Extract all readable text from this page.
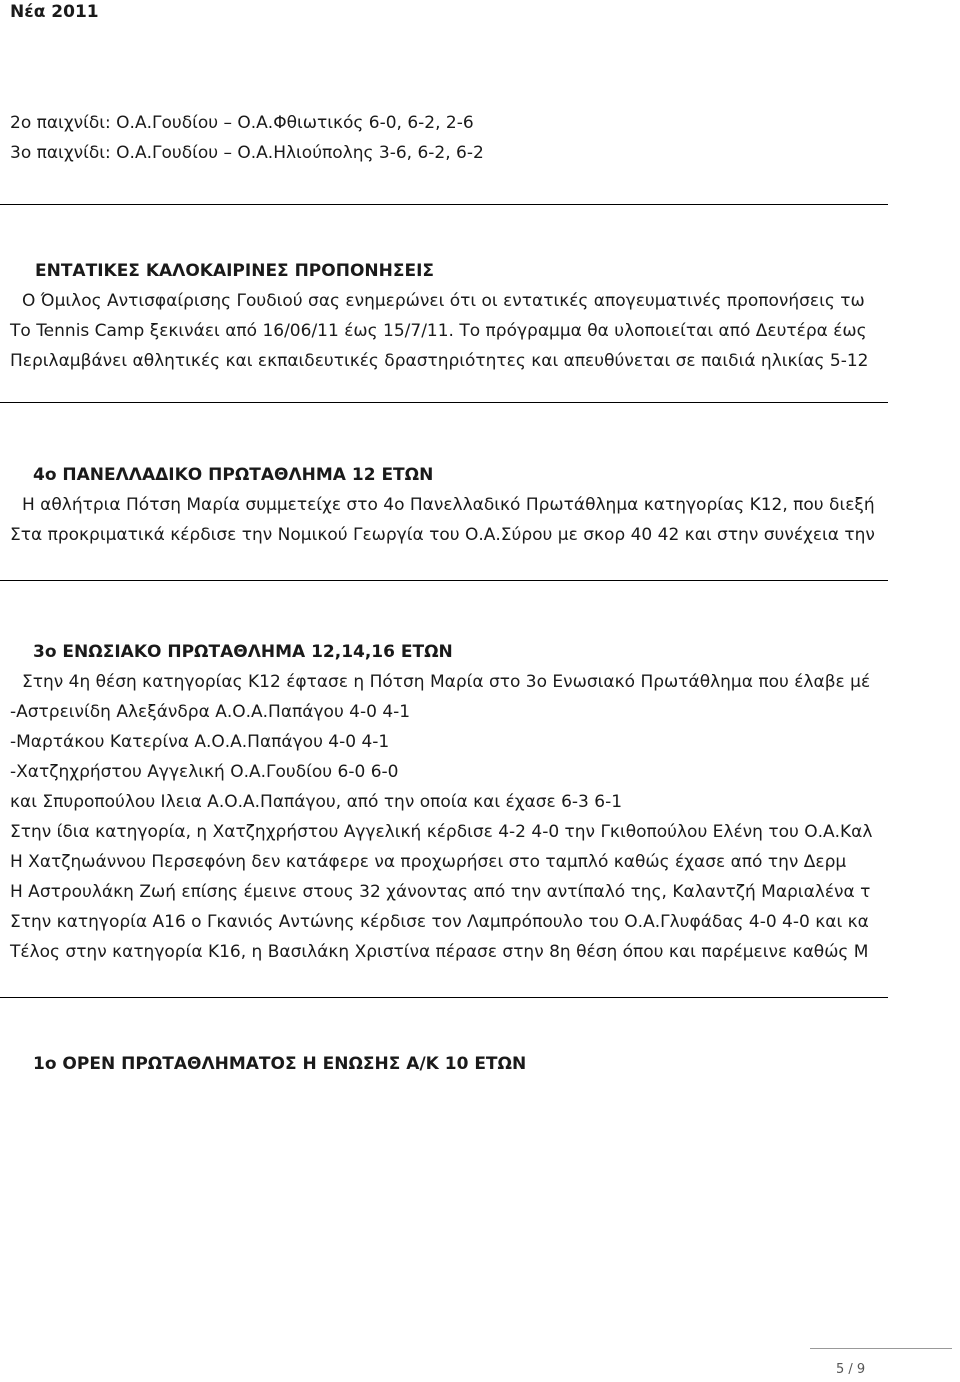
Νέα 2011
2ο παιχνίδι: Ο.Α.Γουδίου – Ο.Α.Φθιωτικός 6-0, 6-2, 2-6
3ο παιχνίδι: Ο.Α.Γουδίου – Ο.Α.Ηλιούπολης 3-6, 6-2, 6-2
ΕΝΤΑΤΙΚΕΣ ΚΑΛΟΚΑΙΡΙΝΕΣ ΠΡΟΠΟΝΗΣΕΙΣ
Ο Όμιλος Αντισφαίρισης Γουδιού σας ενημερώνει ότι οι εντατικές απογευματινές προπονήσεις τω
Το Tennis Camp ξεκινάει από 16/06/11 έως 15/7/11. Το πρόγραμμα θα υλοποιείται από Δευτέρα έως
Περιλαμβάνει αθλητικές και εκπαιδευτικές δραστηριότητες και απευθύνεται σε παιδιά ηλικίας 5-12
4ο ΠΑΝΕΛΛΑΔΙΚΟ ΠΡΩΤΑΘΛΗΜΑ 12 ΕΤΩΝ
Η αθλήτρια Πότση Μαρία συμμετείχε στο 4ο Πανελλαδικό Πρωτάθλημα κατηγορίας Κ12, που διεξή
Στα προκριματικά κέρδισε την Νομικού Γεωργία του Ο.Α.Σύρου με σκορ 40 42 και στην συνέχεια την
3ο ΕΝΩΣΙΑΚΟ ΠΡΩΤΑΘΛΗΜΑ 12,14,16 ΕΤΩΝ
Στην 4η θέση κατηγορίας Κ12 έφτασε η Πότση Μαρία στο 3ο Ενωσιακό Πρωτάθλημα που έλαβε μέ
-Αστρεινίδη Αλεξάνδρα Α.Ο.Α.Παπάγου 4-0 4-1
-Μαρτάκου Κατερίνα Α.Ο.Α.Παπάγου 4-0 4-1
-Χατζηχρήστου Αγγελική Ο.Α.Γουδίου 6-0 6-0
και Σπυροπούλου Ιλεια Α.Ο.Α.Παπάγου, από την οποία και έχασε 6-3 6-1
Στην ίδια κατηγορία, η Χατζηχρήστου Αγγελική κέρδισε 4-2 4-0 την Γκιθοπούλου Ελένη του Ο.Α.Καλ
Η Χατζηωάννου Περσεφόνη δεν κατάφερε να προχωρήσει στο ταμπλό καθώς έχασε από την Δερμ
Η Αστρουλάκη Ζωή επίσης έμεινε στους 32 χάνοντας από την αντίπαλό της, Καλαντζή Μαριαλένα τ
Στην κατηγορία Α16 ο Γκανιός Αντώνης κέρδισε τον Λαμπρόπουλο του Ο.Α.Γλυφάδας 4-0 4-0 και κα
Τέλος στην κατηγορία Κ16, η Βασιλάκη Χριστίνα πέρασε στην 8η θέση όπου και παρέμεινε καθώς Μ
1ο OPEN ΠΡΩΤΑΘΛΗΜΑΤΟΣ Η ΕΝΩΣΗΣ Α/Κ 10 ΕΤΩΝ
5 / 9
